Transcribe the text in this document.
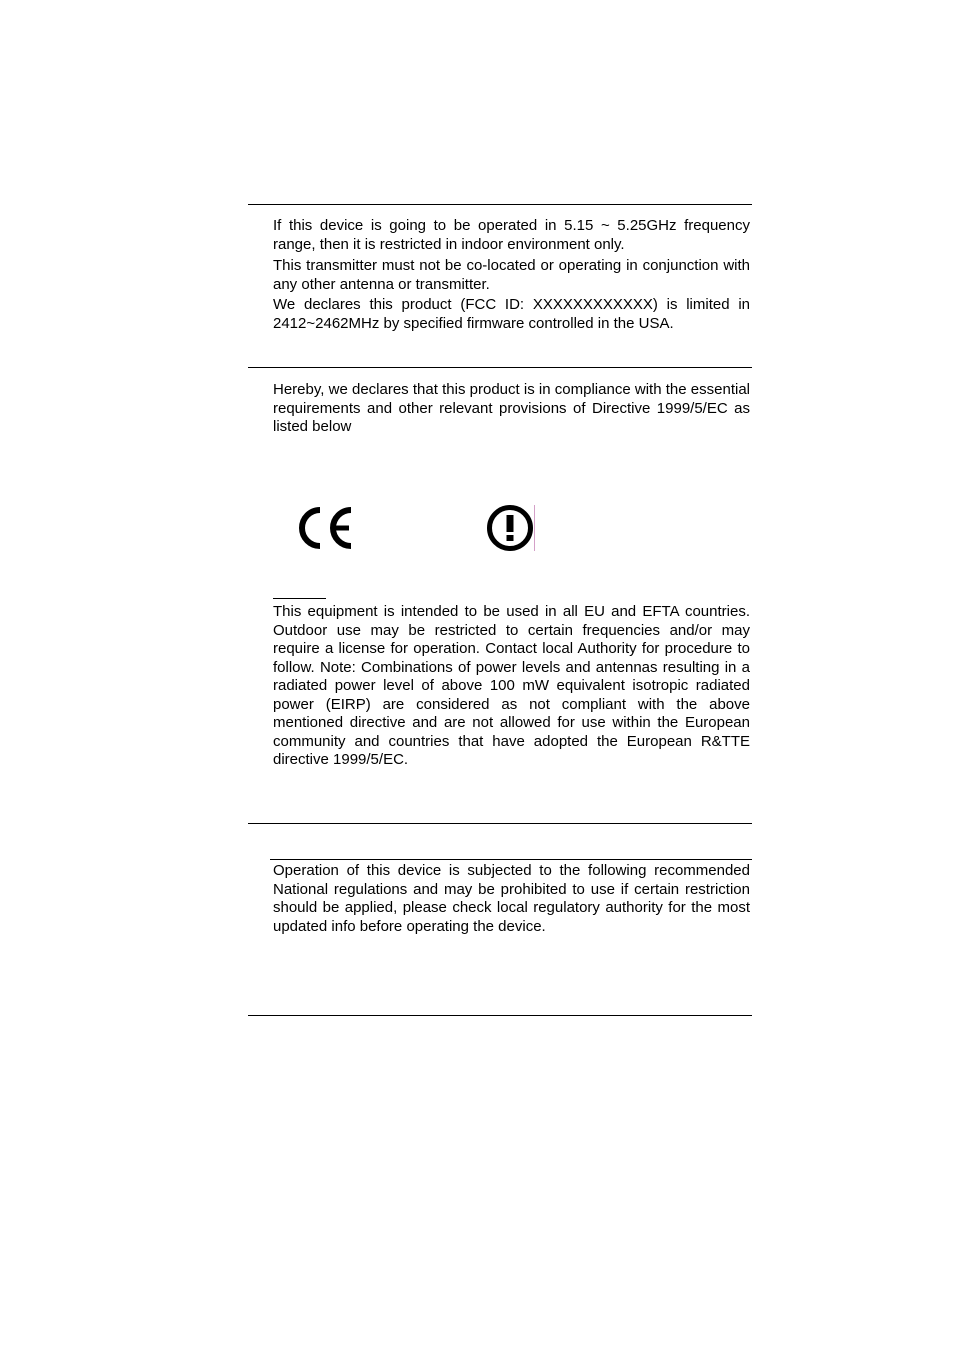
If this device is going to be operated in 5.15 ~ 5.25GHz frequency range, then it is restricted in indoor environment only.

This transmitter must not be co-located or operating in conjunction with any other antenna or transmitter.

We declares this product (FCC ID: XXXXXXXXXXXX) is limited in 2412~2462MHz by specified firmware controlled in the USA.

Hereby, we declares that this product is in compliance with the essential requirements and other relevant provisions of Directive 1999/5/EC as listed below

This equipment is intended to be used in all EU and EFTA countries. Outdoor use may be restricted to certain frequencies and/or may require a license for operation. Contact local Authority for procedure to follow. Note: Combinations of power levels and antennas resulting in a radiated power level of above 100 mW equivalent isotropic radiated power (EIRP) are considered as not compliant with the above mentioned directive and are not allowed for use within the European community and countries that have adopted the European R&TTE directive 1999/5/EC.

Operation of this device is subjected to the following recommended National regulations and may be prohibited to use if certain restriction should be applied, please check local regulatory authority for the most updated info before operating the device.
